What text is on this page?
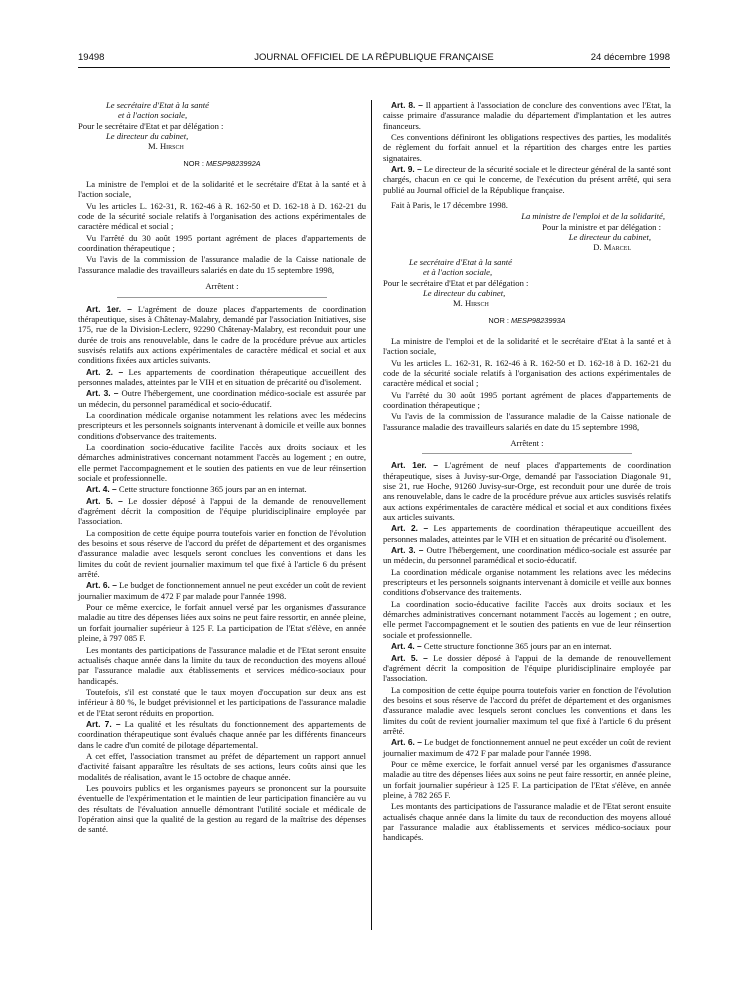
19498	JOURNAL OFFICIEL DE LA RÉPUBLIQUE FRANÇAISE	24 décembre 1998

Le secrétaire d'Etat à la santé

et à l'action sociale,

Pour le secrétaire d'Etat et par délégation :

Le directeur du cabinet,

M. Hirsch

NOR : MESP9823992A

La ministre de l'emploi et de la solidarité et le secrétaire d'Etat à la santé et à l'action sociale,

Vu les articles L. 162-31, R. 162-46 à R. 162-50 et D. 162-18 à D. 162-21 du code de la sécurité sociale relatifs à l'organisation des actions expérimentales de caractère médical et social ;

Vu l'arrêté du 30 août 1995 portant agrément de places d'appartements de coordination thérapeutique ;

Vu l'avis de la commission de l'assurance maladie de la Caisse nationale de l'assurance maladie des travailleurs salariés en date du 15 septembre 1998,

Arrêtent :

Art. 1er. – L'agrément de douze places d'appartements de coordination thérapeutique, sises à Châtenay-Malabry, demandé par l'association Initiatives, sise 175, rue de la Division-Leclerc, 92290 Châtenay-Malabry, est reconduit pour une durée de trois ans renouvelable, dans le cadre de la procédure prévue aux articles susvisés relatifs aux actions expérimentales de caractère médical et social et aux conditions fixées aux articles suivants.

Art. 2. – Les appartements de coordination thérapeutique accueillent des personnes malades, atteintes par le VIH et en situation de précarité ou d'isolement.

Art. 3. – Outre l'hébergement, une coordination médico-sociale est assurée par un médecin, du personnel paramédical et socio-éducatif.

La coordination médicale organise notamment les relations avec les médecins prescripteurs et les personnels soignants intervenant à domicile et veille aux bonnes conditions d'observance des traitements.

La coordination socio-éducative facilite l'accès aux droits sociaux et les démarches administratives concernant notamment l'accès au logement ; en outre, elle permet l'accompagnement et le soutien des patients en vue de leur réinsertion sociale et professionnelle.

Art. 4. – Cette structure fonctionne 365 jours par an en internat.

Art. 5. – Le dossier déposé à l'appui de la demande de renouvellement d'agrément décrit la composition de l'équipe pluridisciplinaire employée par l'association.

La composition de cette équipe pourra toutefois varier en fonction de l'évolution des besoins et sous réserve de l'accord du préfet de département et des organismes d'assurance maladie avec lesquels seront conclues les conventions et dans les limites du coût de revient journalier maximum tel que fixé à l'article 6 du présent arrêté.

Art. 6. – Le budget de fonctionnement annuel ne peut excéder un coût de revient journalier maximum de 472 F par malade pour l'année 1998.

Pour ce même exercice, le forfait annuel versé par les organismes d'assurance maladie au titre des dépenses liées aux soins ne peut faire ressortir, en année pleine, un forfait journalier supérieur à 125 F. La participation de l'Etat s'élève, en année pleine, à 797 085 F.

Les montants des participations de l'assurance maladie et de l'Etat seront ensuite actualisés chaque année dans la limite du taux de reconduction des moyens alloué par l'assurance maladie aux établissements et services médico-sociaux pour handicapés.

Toutefois, s'il est constaté que le taux moyen d'occupation sur deux ans est inférieur à 80 %, le budget prévisionnel et les participations de l'assurance maladie et de l'Etat seront réduits en proportion.

Art. 7. – La qualité et les résultats du fonctionnement des appartements de coordination thérapeutique sont évalués chaque année par les différents financeurs dans le cadre d'un comité de pilotage départemental.

A cet effet, l'association transmet au préfet de département un rapport annuel d'activité faisant apparaître les résultats de ses actions, leurs coûts ainsi que les modalités de réalisation, avant le 15 octobre de chaque année.

Les pouvoirs publics et les organismes payeurs se prononcent sur la poursuite éventuelle de l'expérimentation et le maintien de leur participation financière au vu des résultats de l'évaluation annuelle démontrant l'utilité sociale et médicale de l'opération ainsi que la qualité de la gestion au regard de la maîtrise des dépenses de santé.

Art. 8. – Il appartient à l'association de conclure des conventions avec l'Etat, la caisse primaire d'assurance maladie du département d'implantation et les autres financeurs.

Ces conventions définiront les obligations respectives des parties, les modalités de règlement du forfait annuel et la répartition des charges entre les parties signataires.

Art. 9. – Le directeur de la sécurité sociale et le directeur général de la santé sont chargés, chacun en ce qui le concerne, de l'exécution du présent arrêté, qui sera publié au Journal officiel de la République française.

Fait à Paris, le 17 décembre 1998.

La ministre de l'emploi et de la solidarité,

Pour la ministre et par délégation :

Le directeur du cabinet,

D. Marcel

Le secrétaire d'Etat à la santé

et à l'action sociale,

Pour le secrétaire d'Etat et par délégation :

Le directeur du cabinet,

M. Hirsch

NOR : MESP9823993A

La ministre de l'emploi et de la solidarité et le secrétaire d'Etat à la santé et à l'action sociale,

Vu les articles L. 162-31, R. 162-46 à R. 162-50 et D. 162-18 à D. 162-21 du code de la sécurité sociale relatifs à l'organisation des actions expérimentales de caractère médical et social ;

Vu l'arrêté du 30 août 1995 portant agrément de places d'appartements de coordination thérapeutique ;

Vu l'avis de la commission de l'assurance maladie de la Caisse nationale de l'assurance maladie des travailleurs salariés en date du 15 septembre 1998,

Arrêtent :

Art. 1er. – L'agrément de neuf places d'appartements de coordination thérapeutique, sises à Juvisy-sur-Orge, demandé par l'association Diagonale 91, sise 21, rue Hoche, 91260 Juvisy-sur-Orge, est reconduit pour une durée de trois ans renouvelable, dans le cadre de la procédure prévue aux articles susvisés relatifs aux actions expérimentales de caractère médical et social et aux conditions fixées aux articles suivants.

Art. 2. – Les appartements de coordination thérapeutique accueillent des personnes malades, atteintes par le VIH et en situation de précarité ou d'isolement.

Art. 3. – Outre l'hébergement, une coordination médico-sociale est assurée par un médecin, du personnel paramédical et socio-éducatif.

La coordination médicale organise notamment les relations avec les médecins prescripteurs et les personnels soignants intervenant à domicile et veille aux bonnes conditions d'observance des traitements.

La coordination socio-éducative facilite l'accès aux droits sociaux et les démarches administratives concernant notamment l'accès au logement ; en outre, elle permet l'accompagnement et le soutien des patients en vue de leur réinsertion sociale et professionnelle.

Art. 4. – Cette structure fonctionne 365 jours par an en internat.

Art. 5. – Le dossier déposé à l'appui de la demande de renouvellement d'agrément décrit la composition de l'équipe pluridisciplinaire employée par l'association.

La composition de cette équipe pourra toutefois varier en fonction de l'évolution des besoins et sous réserve de l'accord du préfet de département et des organismes d'assurance maladie avec lesquels seront conclues les conventions et dans les limites du coût de revient journalier maximum tel que fixé à l'article 6 du présent arrêté.

Art. 6. – Le budget de fonctionnement annuel ne peut excéder un coût de revient journalier maximum de 472 F par malade pour l'année 1998.

Pour ce même exercice, le forfait annuel versé par les organismes d'assurance maladie au titre des dépenses liées aux soins ne peut faire ressortir, en année pleine, un forfait journalier supérieur à 125 F. La participation de l'Etat s'élève, en année pleine, à 782 265 F.

Les montants des participations de l'assurance maladie et de l'Etat seront ensuite actualisés chaque année dans la limite du taux de reconduction des moyens alloué par l'assurance maladie aux établissements et services médico-sociaux pour handicapés.
